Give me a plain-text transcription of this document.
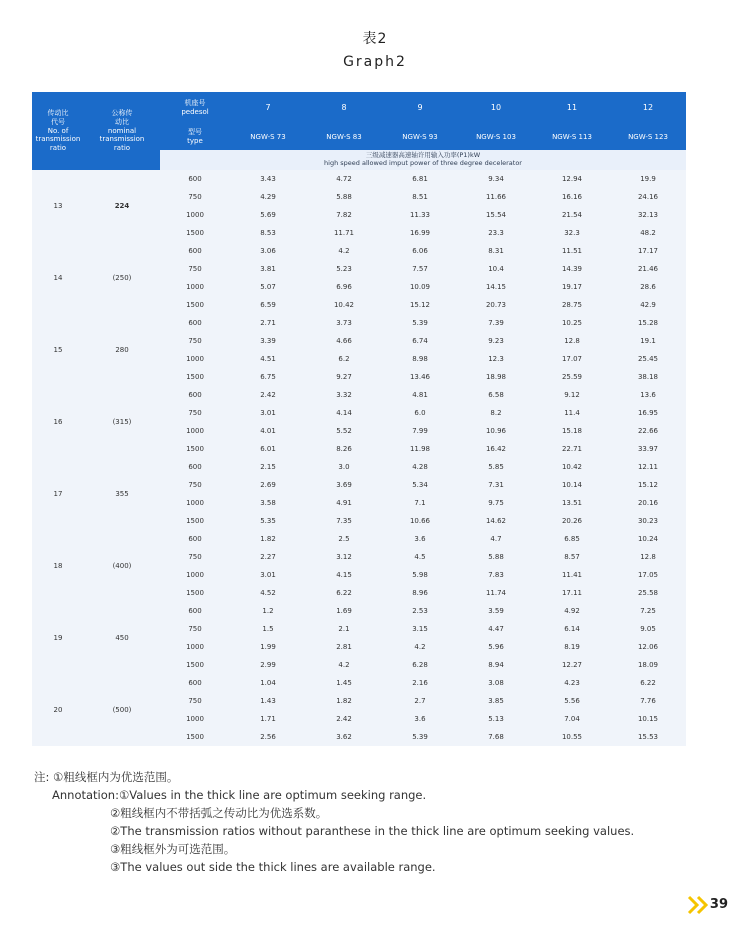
表2
Graph2
传动比
代号
No. of
transmission
ratio	公称传
动比
nominal
transmission
ratio	机座号
pedesol	7	8	9	10	11	12
		型号
type	NGW-S 73	NGW-S 83	NGW-S 93	NGW-S 103	NGW-S 113	NGW-S 123

		三级减速器高速轴许用输入功率(P1)kW
high speed allowed imput power of three degree decelerator						

13	224	600	3.43	4.72	6.81	9.34	12.94	19.9
		750	4.29	5.88	8.51	11.66	16.16	24.16
		1000	5.69	7.82	11.33	15.54	21.54	32.13
		1500	8.53	11.71	16.99	23.3	32.3	48.2
14	(250)	600	3.06	4.2	6.06	8.31	11.51	17.17
		750	3.81	5.23	7.57	10.4	14.39	21.46
		1000	5.07	6.96	10.09	14.15	19.17	28.6
		1500	6.59	10.42	15.12	20.73	28.75	42.9
15	280	600	2.71	3.73	5.39	7.39	10.25	15.28
		750	3.39	4.66	6.74	9.23	12.8	19.1
		1000	4.51	6.2	8.98	12.3	17.07	25.45
		1500	6.75	9.27	13.46	18.98	25.59	38.18
16	(315)	600	2.42	3.32	4.81	6.58	9.12	13.6
		750	3.01	4.14	6.0	8.2	11.4	16.95
		1000	4.01	5.52	7.99	10.96	15.18	22.66
		1500	6.01	8.26	11.98	16.42	22.71	33.97
17	355	600	2.15	3.0	4.28	5.85	10.42	12.11
		750	2.69	3.69	5.34	7.31	10.14	15.12
		1000	3.58	4.91	7.1	9.75	13.51	20.16
		1500	5.35	7.35	10.66	14.62	20.26	30.23
18	(400)	600	1.82	2.5	3.6	4.7	6.85	10.24
		750	2.27	3.12	4.5	5.88	8.57	12.8
		1000	3.01	4.15	5.98	7.83	11.41	17.05
		1500	4.52	6.22	8.96	11.74	17.11	25.58
19	450	600	1.2	1.69	2.53	3.59	4.92	7.25
		750	1.5	2.1	3.15	4.47	6.14	9.05
		1000	1.99	2.81	4.2	5.96	8.19	12.06
		1500	2.99	4.2	6.28	8.94	12.27	18.09
20	(500)	600	1.04	1.45	2.16	3.08	4.23	6.22
		750	1.43	1.82	2.7	3.85	5.56	7.76
		1000	1.71	2.42	3.6	5.13	7.04	10.15
		1500	2.56	3.62	5.39	7.68	10.55	15.53
注: ①粗线框内为优选范围。
Annotation:①Values in the thick line are optimum seeking range.
②粗线框内不带括弧之传动比为优选系数。
②The transmission ratios without paranthese in the thick line are optimum seeking values.
③粗线框外为可选范围。
③The values out side the thick lines are available range.
39
